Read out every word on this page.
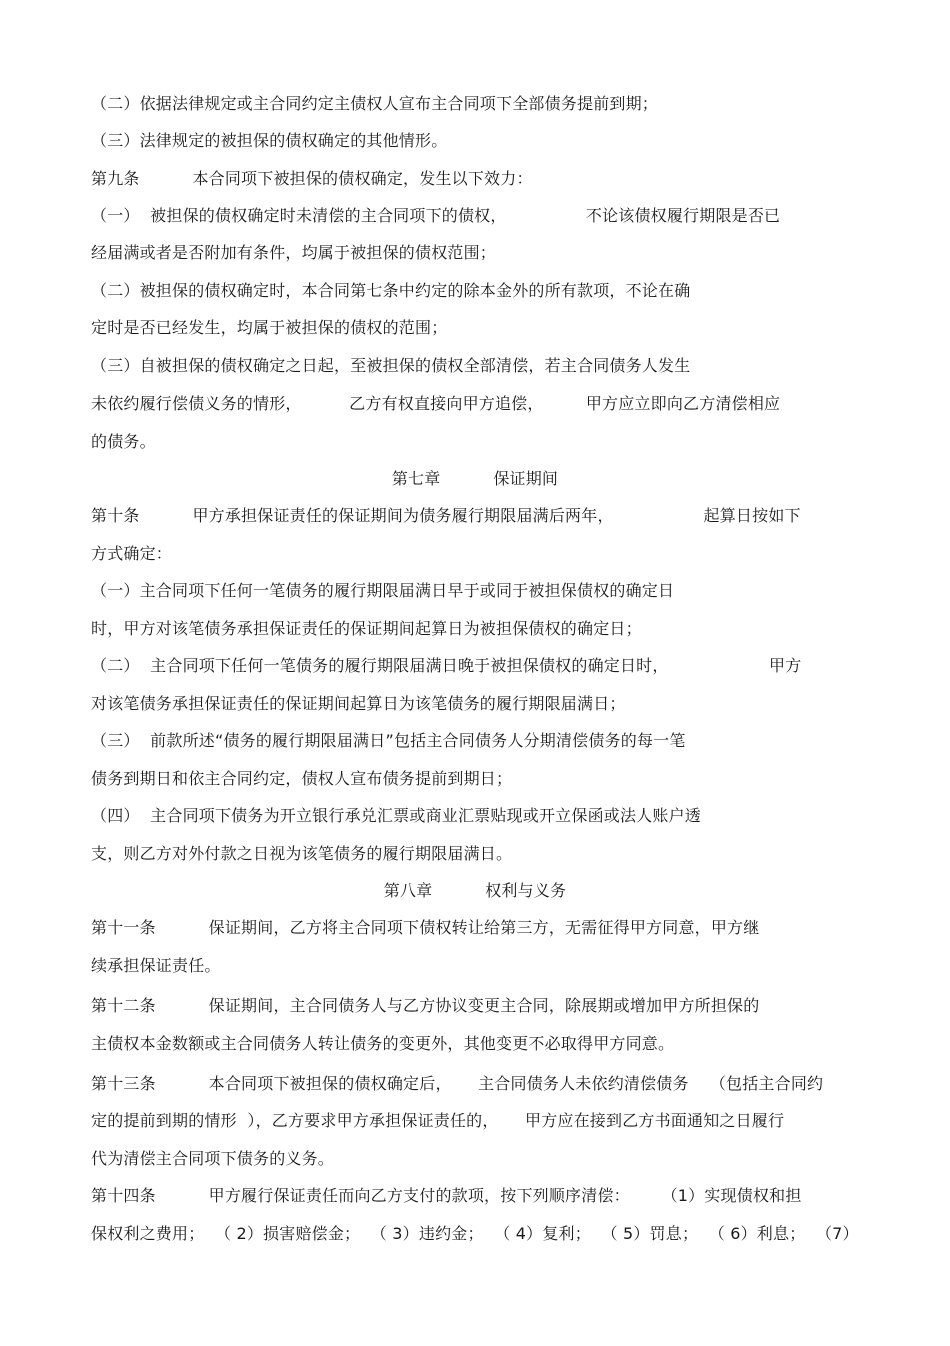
（二）依据法律规定或主合同约定主债权人宣布主合同项下全部债务提前到期；
（三）法律规定的被担保的债权确定的其他情形。
第九条          本合同项下被担保的债权确定，发生以下效力：
（一）  被担保的债权确定时未清偿的主合同项下的债权，               不论该债权履行期限是否已
经届满或者是否附加有条件，均属于被担保的债权范围；
（二）被担保的债权确定时，本合同第七条中约定的除本金外的所有款项，不论在确
定时是否已经发生，均属于被担保的债权的范围；
（三）自被担保的债权确定之日起，至被担保的债权全部清偿，若主合同债务人发生
未依约履行偿债义务的情形，         乙方有权直接向甲方追偿，        甲方应立即向乙方清偿相应
的债务。
第七章          保证期间
第十条          甲方承担保证责任的保证期间为债务履行期限届满后两年，                 起算日按如下
方式确定：
（一）主合同项下任何一笔债务的履行期限届满日早于或同于被担保债权的确定日
时，甲方对该笔债务承担保证责任的保证期间起算日为被担保债权的确定日；
（二）  主合同项下任何一笔债务的履行期限届满日晚于被担保债权的确定日时，                   甲方
对该笔债务承担保证责任的保证期间起算日为该笔债务的履行期限届满日；
（三）  前款所述“债务的履行期限届满日”包括主合同债务人分期清偿债务的每一笔
债务到期日和依主合同约定，债权人宣布债务提前到期日；
（四）  主合同项下债务为开立银行承兑汇票或商业汇票贴现或开立保函或法人账户透
支，则乙方对外付款之日视为该笔债务的履行期限届满日。
第八章          权利与义务
第十一条          保证期间，乙方将主合同项下债权转让给第三方，无需征得甲方同意，甲方继
续承担保证责任。
第十二条          保证期间，主合同债务人与乙方协议变更主合同，除展期或增加甲方所担保的
主债权本金数额或主合同债务人转让债务的变更外，其他变更不必取得甲方同意。
第十三条          本合同项下被担保的债权确定后，     主合同债务人未依约清偿债务    （包括主合同约
定的提前到期的情形  ），乙方要求甲方承担保证责任的，     甲方应在接到乙方书面通知之日履行
代为清偿主合同项下债务的义务。
第十四条          甲方履行保证责任而向乙方支付的款项，按下列顺序清偿：      （1）实现债权和担
保权利之费用；  （ 2）损害赔偿金；  （ 3）违约金；  （ 4）复利；  （ 5）罚息；  （ 6）利息；  （7）
